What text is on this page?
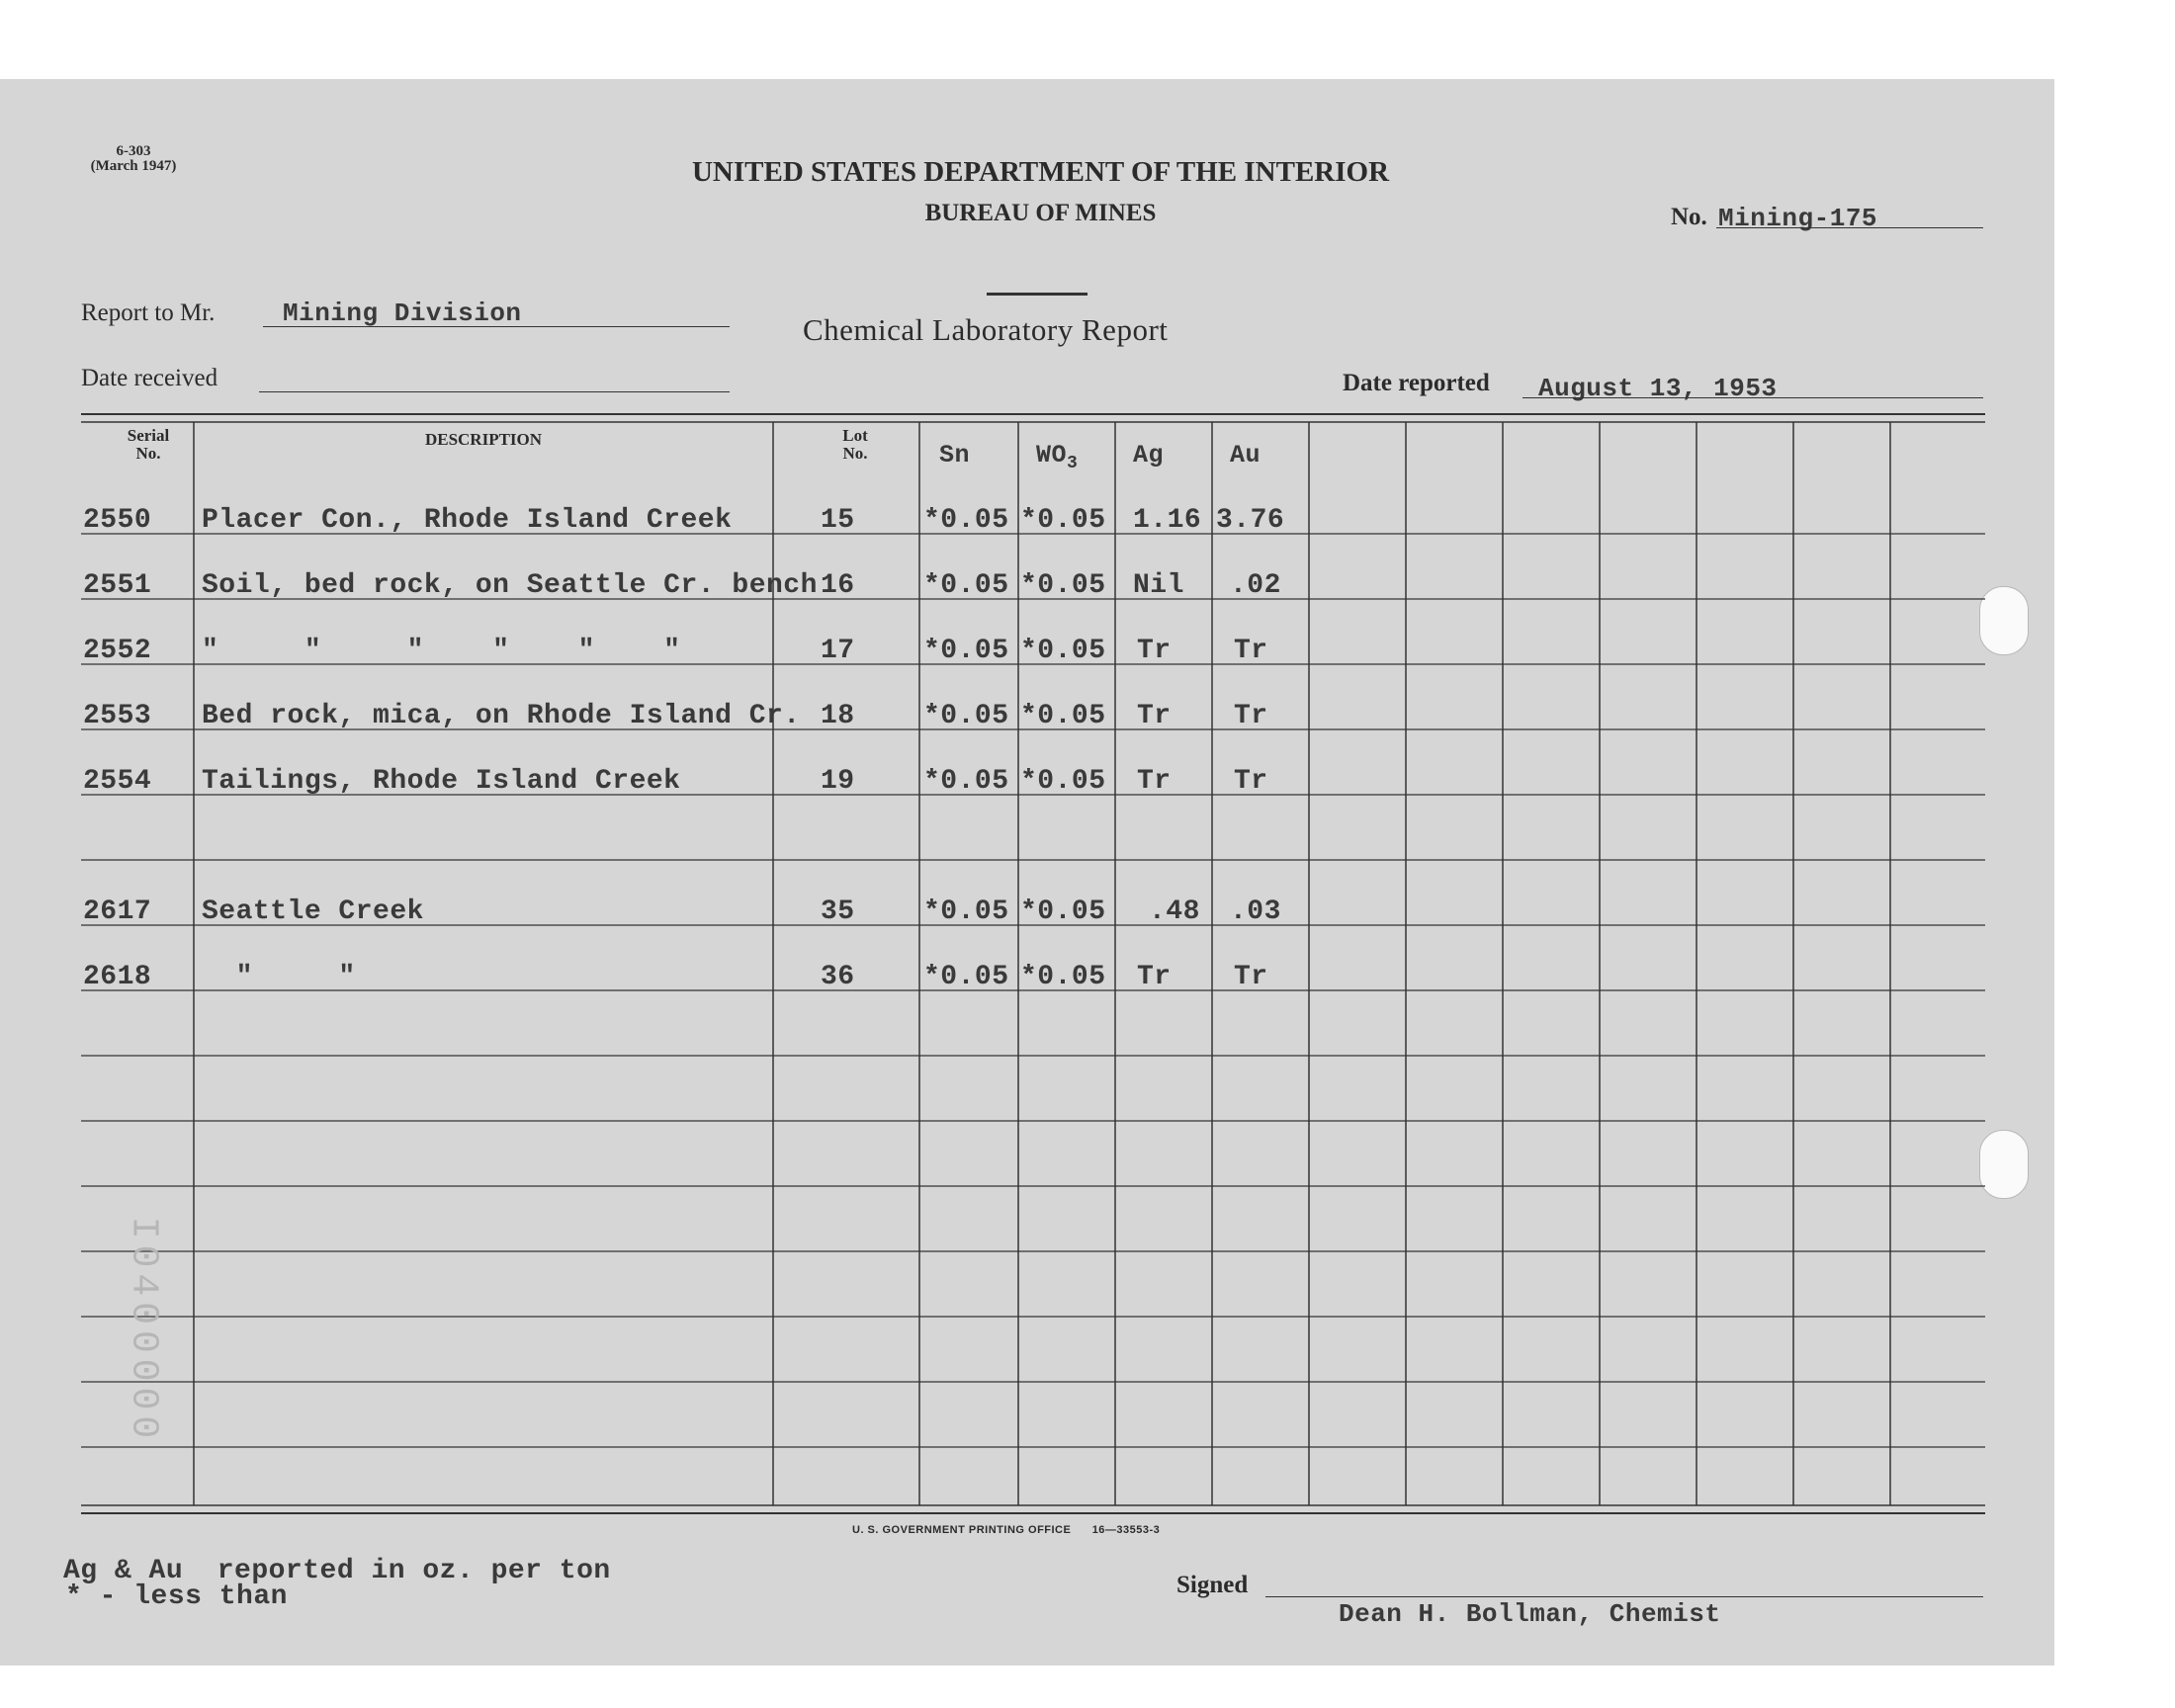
6-303
(March 1947)	UNITED STATES DEPARTMENT OF THE INTERIOR
BUREAU OF MINES	No. Mining-175
Chemical Laboratory Report
Report to Mr.	Mining Division
Date received	Date reported August 13, 1953
Serial
No.
DESCRIPTION	Lot
No.	Sn	$WO_3$ Ag	Au
2550 Placer Con., Rhode Island Creek	15 *0.05 *0.05 1.16 3.76
2551 Soil, bed rock, on Seattle Cr. bench 16 *0.05 *0.05 Nil .02
2552 "     "     "    "    "    "	17 *0.05 *0.05 Tr Tr
2553 Bed rock, mica, on Rhode Island Cr. 18 *0.05 *0.05 Tr Tr
2554 Tailings, Rhode Island Creek	19 *0.05 *0.05 Tr Tr
2617 Seattle Creek	35 *0.05 *0.05 .48 .03
2618 "     "	36 *0.05 *0.05 Tr Tr
I0400000
U. S. GOVERNMENT PRINTING OFFICE 16—33553-3
Ag & Au  reported in oz. per ton
* - less than	Signed
Dean H. Bollman, Chemist
